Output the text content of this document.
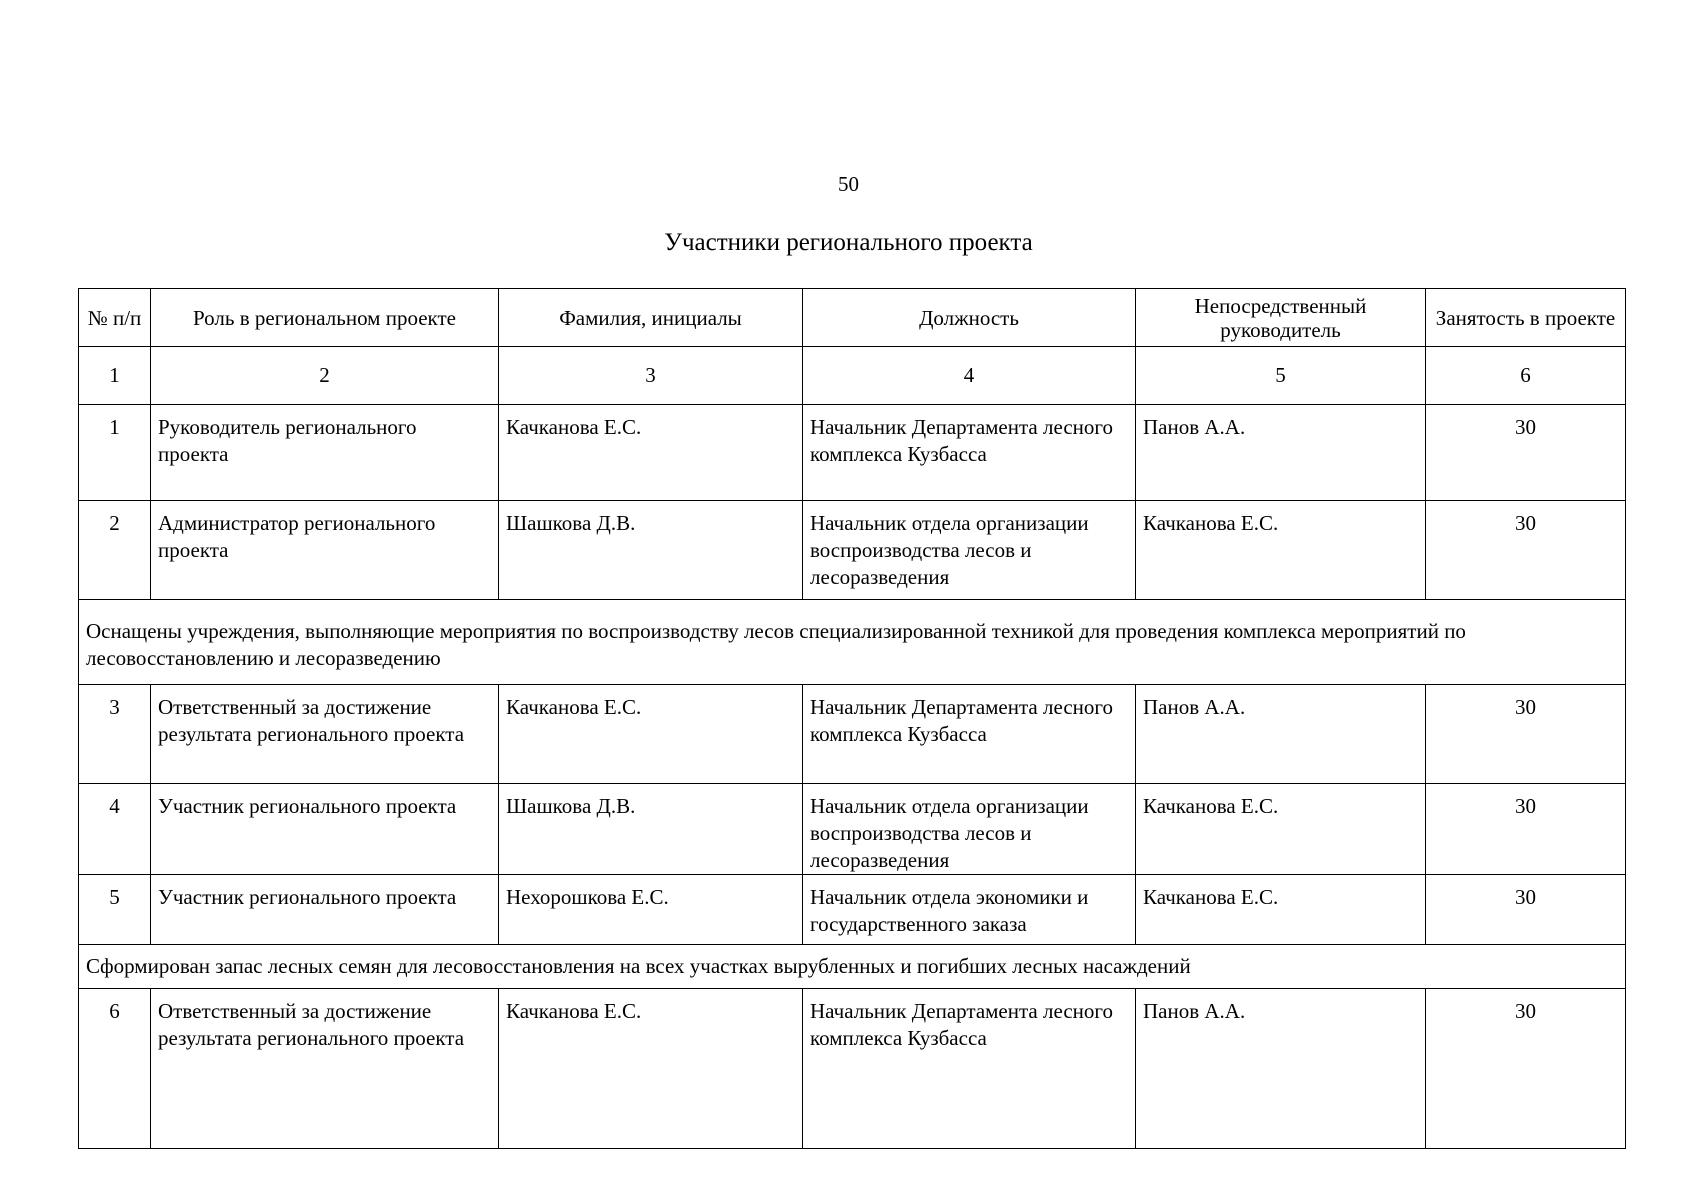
50
Участники регионального проекта
№ п/п	Роль в региональном проекте	Фамилия, инициалы	Должность	Непосредственный руководитель	Занятость в проекте
1	2	3	4	5	6
1	Руководитель регионального проекта	Качканова Е.С.	Начальник Департамента лесного комплекса Кузбасса	Панов А.А.	30
2	Администратор регионального проекта	Шашкова Д.В.	Начальник отдела организации воспроизводства лесов и лесоразведения	Качканова Е.С.	30
Оснащены учреждения, выполняющие мероприятия по воспроизводству лесов специализированной техникой для проведения комплекса мероприятий по лесовосстановлению и лесоразведению					
3	Ответственный за достижение результата регионального проекта	Качканова Е.С.	Начальник Департамента лесного комплекса Кузбасса	Панов А.А.	30
4	Участник регионального проекта	Шашкова Д.В.	Начальник отдела организации воспроизводства лесов и лесоразведения	Качканова Е.С.	30
5	Участник регионального проекта	Нехорошкова Е.С.	Начальник отдела экономики и государственного заказа	Качканова Е.С.	30
Сформирован запас лесных семян для лесовосстановления на всех участках вырубленных и погибших лесных насаждений					
6	Ответственный за достижение результата регионального проекта	Качканова Е.С.	Начальник Департамента лесного комплекса Кузбасса	Панов А.А.	30
